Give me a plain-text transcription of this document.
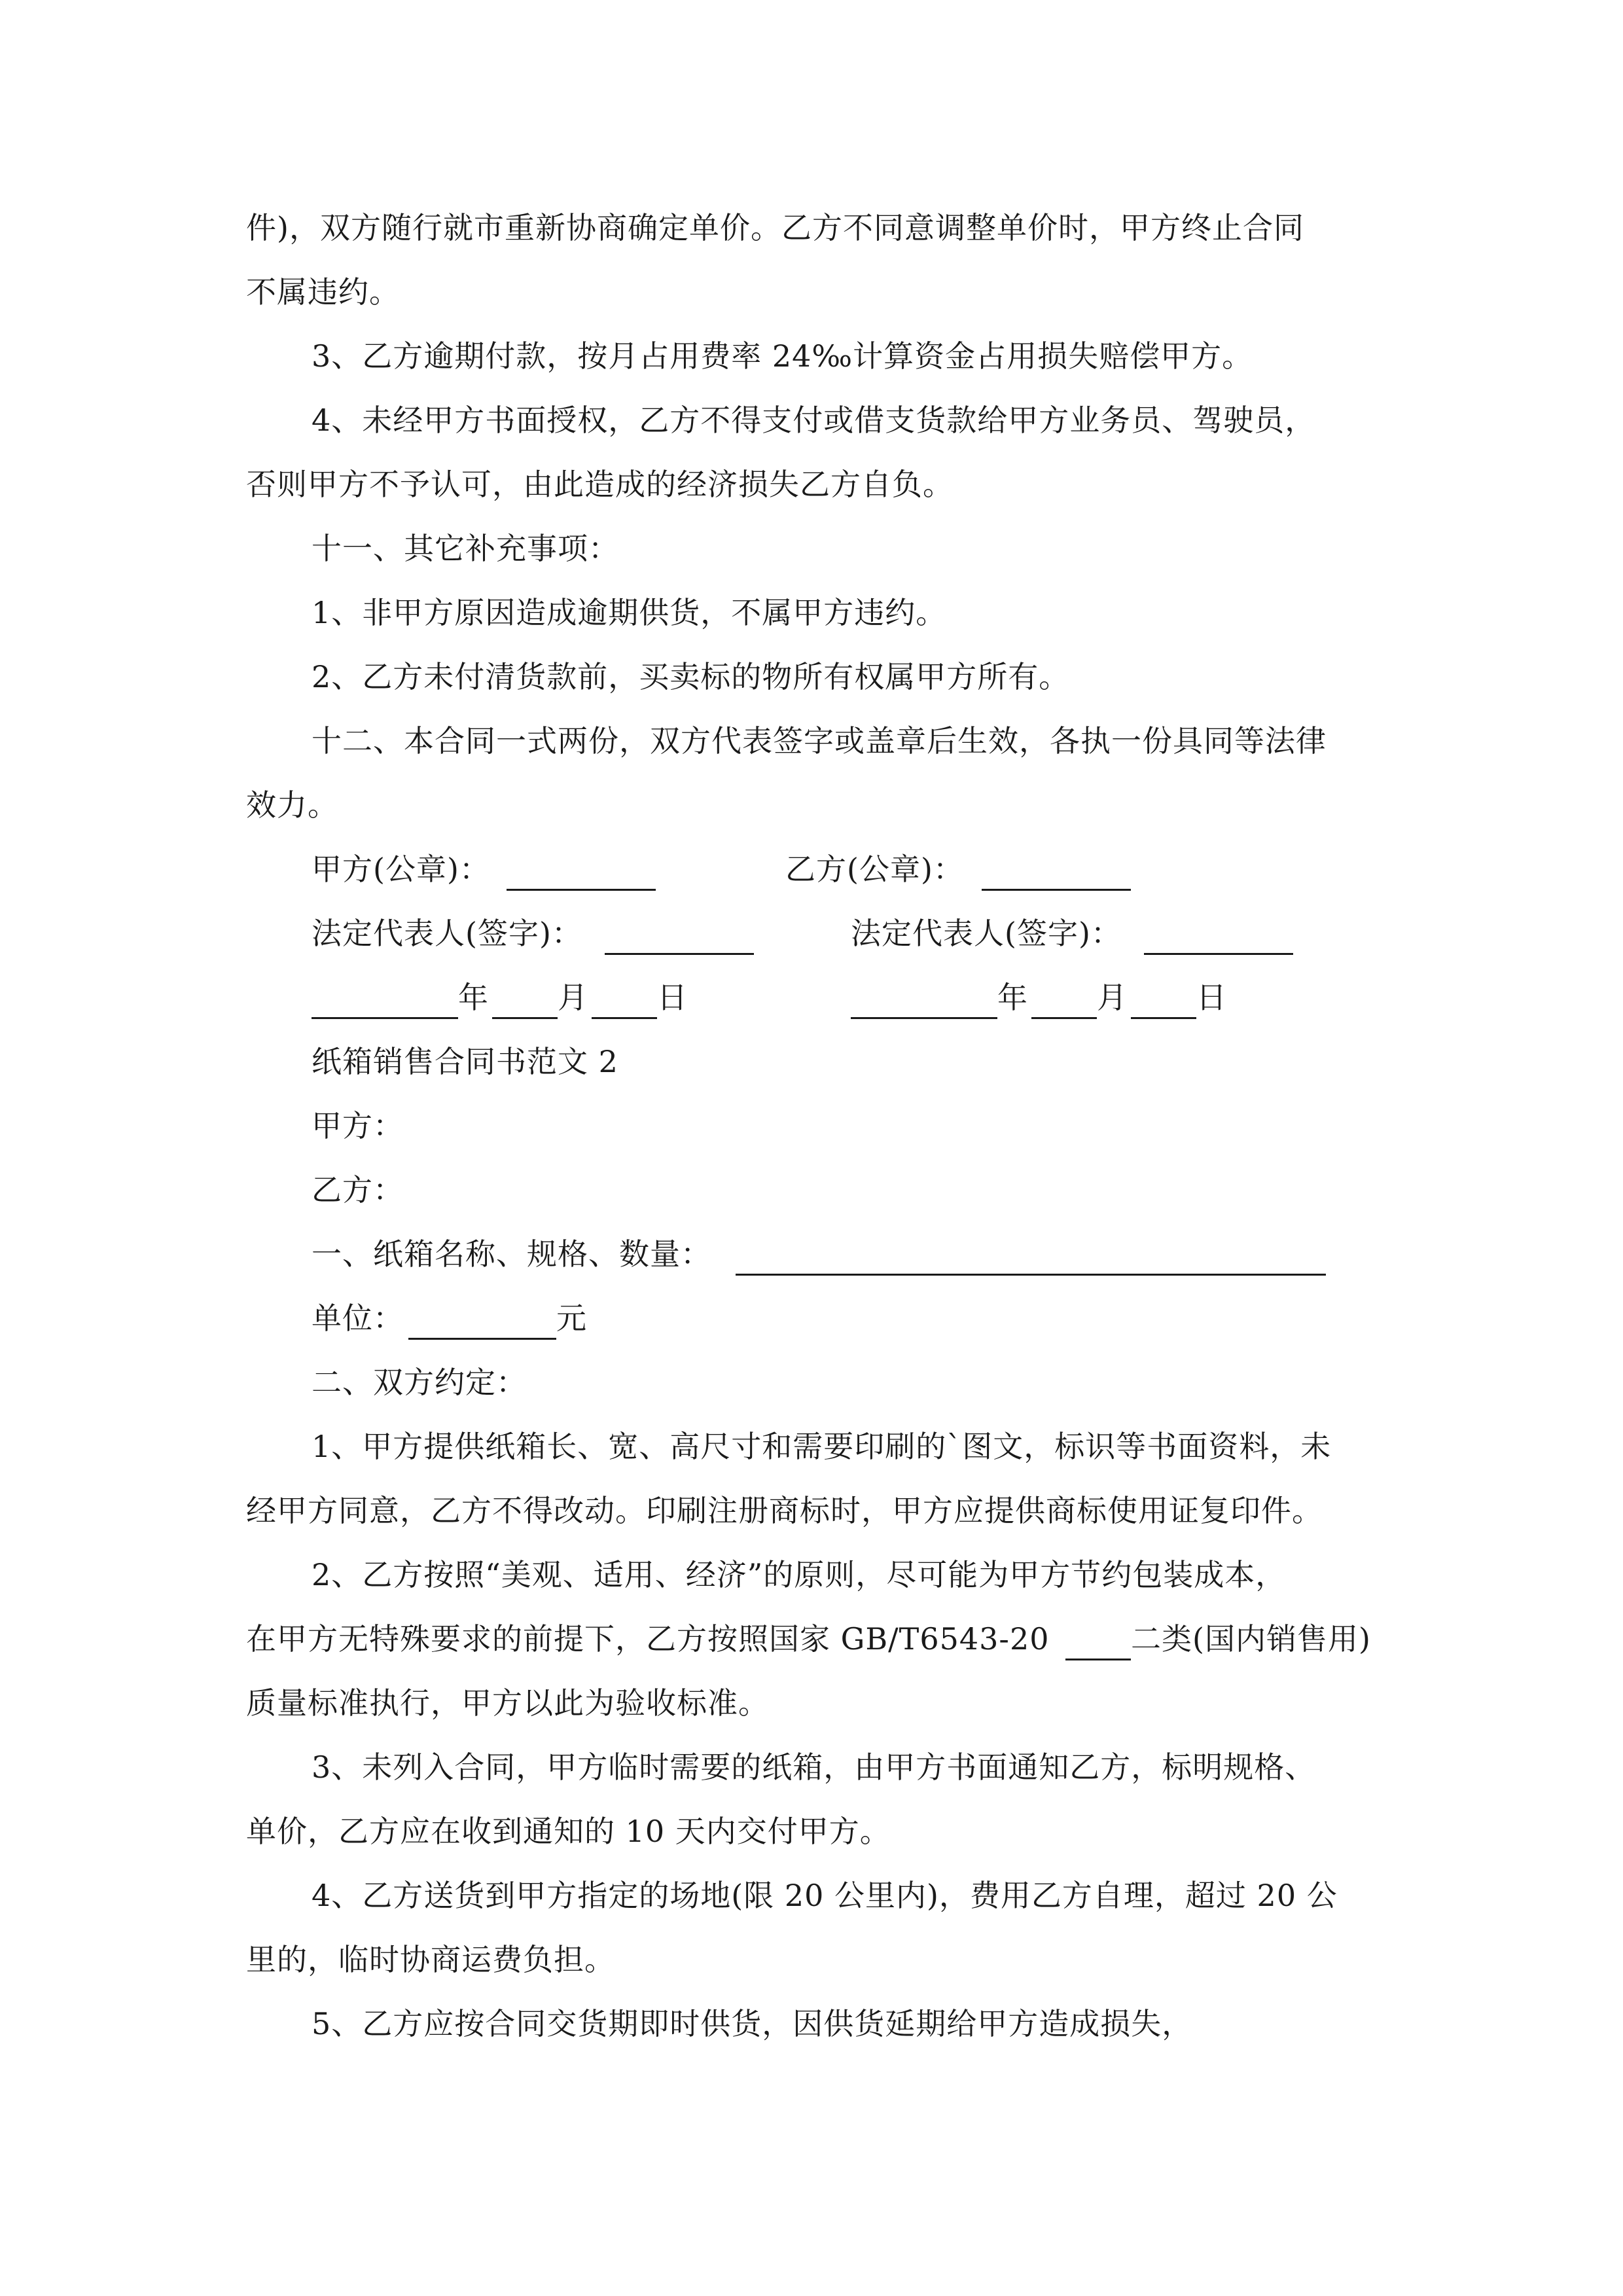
件)，双方随行就市重新协商确定单价。乙方不同意调整单价时，甲方终止合同
不属违约。
3、乙方逾期付款，按月占用费率 24‰计算资金占用损失赔偿甲方。
4、未经甲方书面授权，乙方不得支付或借支货款给甲方业务员、驾驶员，
否则甲方不予认可，由此造成的经济损失乙方自负。
十一、其它补充事项：
1、非甲方原因造成逾期供货，不属甲方违约。
2、乙方未付清货款前，买卖标的物所有权属甲方所有。
十二、本合同一式两份，双方代表签字或盖章后生效，各执一份具同等法律
效力。
甲方(公章)：	乙方(公章)：
法定代表人(签字)：	法定代表人(签字)：
年 月 日	年 月 日
纸箱销售合同书范文 2
甲方：
乙方：
一、纸箱名称、规格、数量：
单位：	元
二、双方约定：
1、甲方提供纸箱长、宽、高尺寸和需要印刷的`图文，标识等书面资料，未
经甲方同意，乙方不得改动。印刷注册商标时，甲方应提供商标使用证复印件。
2、乙方按照“美观、适用、经济”的原则，尽可能为甲方节约包装成本，
在甲方无特殊要求的前提下，乙方按照国家 GB/T6543-20	二类(国内销售用)
质量标准执行，甲方以此为验收标准。
3、未列入合同，甲方临时需要的纸箱，由甲方书面通知乙方，标明规格、
单价，乙方应在收到通知的 10 天内交付甲方。
4、乙方送货到甲方指定的场地(限 20 公里内)，费用乙方自理，超过 20 公
里的，临时协商运费负担。
5、乙方应按合同交货期即时供货，因供货延期给甲方造成损失，
